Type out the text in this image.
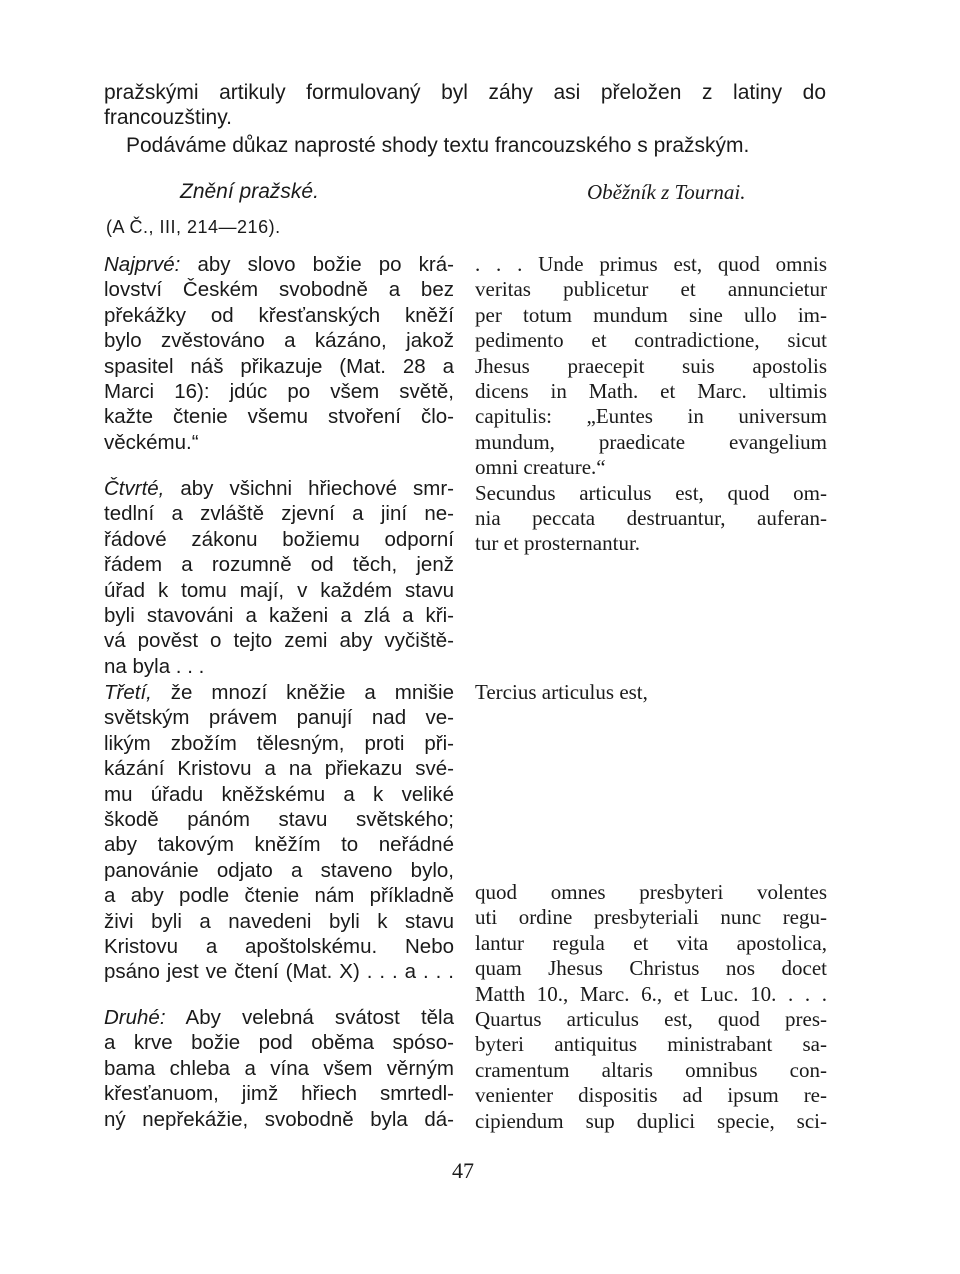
pražskými artikuly formulovaný byl záhy asi přeložen z latiny do
francouzštiny.
Podáváme důkaz naprosté shody textu francouzského s pražským.
Znění pražské.
(A Č., III, 214—216).
Oběžník z Tournai.
Najprvé: aby slovo božie po krá-
lovství Českém svobodně a bez
překážky od křesťanských kněží
bylo zvěstováno a kázáno, jakož
spasitel náš přikazuje (Mat. 28 a
Marci 16): jdúc po všem světě,
kažte čtenie všemu stvoření člo-
věckému.“
Čtvrté, aby všichni hřiechové smr-
tedlní a zvláště zjevní a jiní ne-
řádové zákonu božiemu odporní
řádem a rozumně od těch, jenž
úřad k tomu mají, v každém stavu
byli stavováni a kaženi a zlá a kři-
vá pověst o tejto zemi aby vyčiště-
na byla . . .
Třetí, že mnozí kněžie a mnišie
světským právem panují nad ve-
likým zbožím tělesným, proti při-
kázání Kristovu a na přiekazu své-
mu úřadu kněžskému a k veliké
škodě pánóm stavu světského;
aby takovým kněžím to neřádné
panovánie odjato a staveno bylo,
a aby podle čtenie nám příkladně
živi byli a navedeni byli k stavu
Kristovu a apoštolskému. Nebo
psáno jest ve čtení (Mat. X) . . . a . . .
Druhé: Aby velebná svátost těla
a krve božie pod oběma spóso-
bama chleba a vína všem věrným
křesťanuom, jimž hřiech smrtedl-
ný nepřekážie, svobodně byla dá-
. . . Unde primus est, quod omnis
veritas publicetur et annuncietur
per totum mundum sine ullo im-
pedimento et contradictione, sicut
Jhesus praecepit suis apostolis
dicens in Math. et Marc. ultimis
capitulis: „Euntes in universum
mundum, praedicate evangelium
omni creature.“
Secundus articulus est, quod om-
nia peccata destruantur, auferan-
tur et prosternantur.
Tercius articulus est,
quod omnes presbyteri volentes
uti ordine presbyteriali nunc regu-
lantur regula et vita apostolica,
quam Jhesus Christus nos docet
Matth 10., Marc. 6., et Luc. 10. . . .
Quartus articulus est, quod pres-
byteri antiquitus ministrabant sa-
cramentum altaris omnibus con-
venienter dispositis ad ipsum re-
cipiendum sup duplici specie, sci-
47
